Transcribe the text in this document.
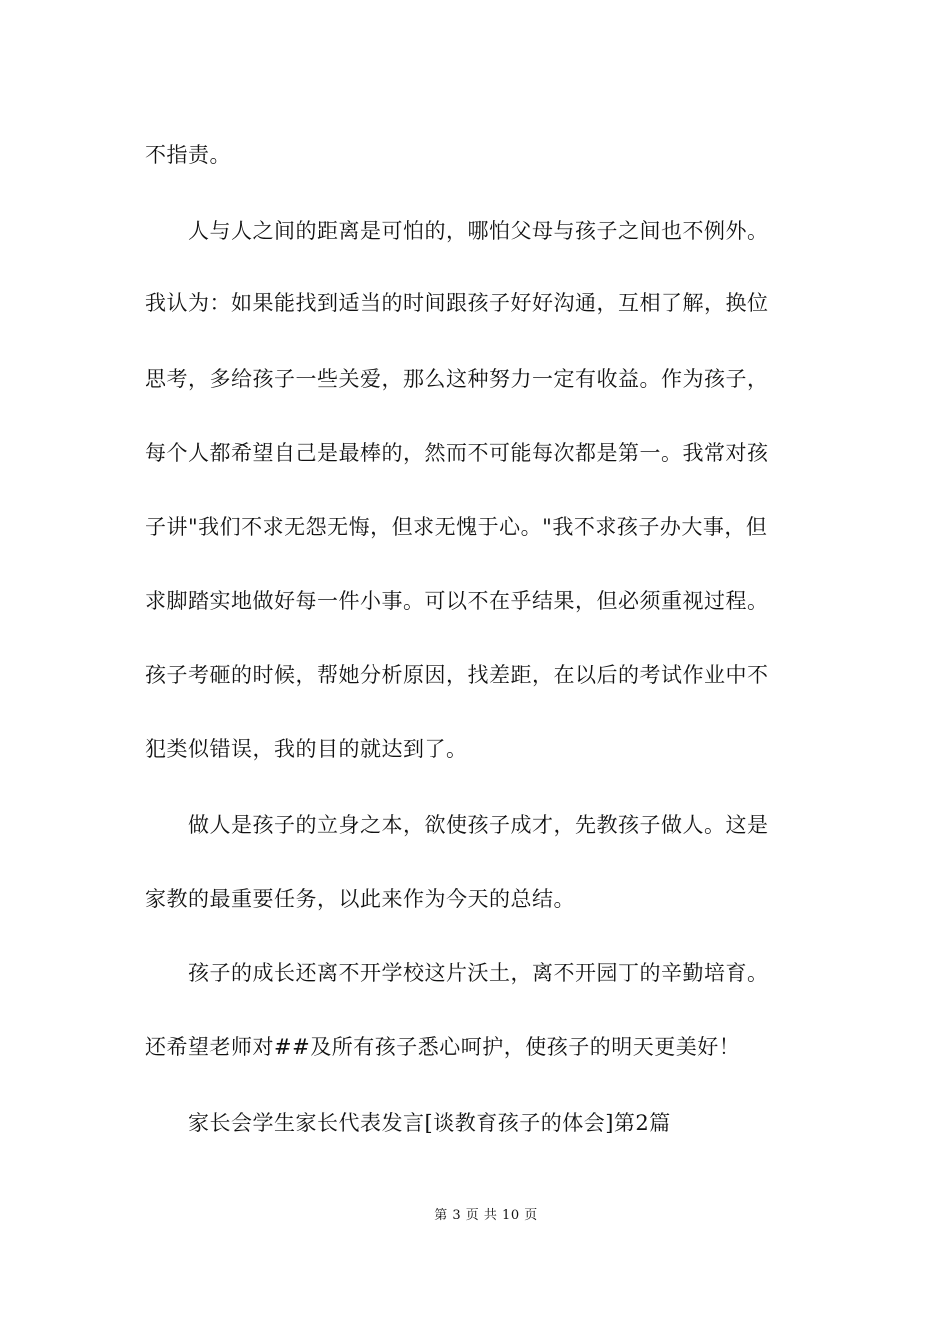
不指责。
人与人之间的距离是可怕的，哪怕父母与孩子之间也不例外。
我认为：如果能找到适当的时间跟孩子好好沟通，互相了解，换位
思考，多给孩子一些关爱，那么这种努力一定有收益。作为孩子，
每个人都希望自己是最棒的，然而不可能每次都是第一。我常对孩
子讲"我们不求无怨无悔，但求无愧于心。"我不求孩子办大事，但
求脚踏实地做好每一件小事。可以不在乎结果，但必须重视过程。
孩子考砸的时候，帮她分析原因，找差距，在以后的考试作业中不
犯类似错误，我的目的就达到了。
做人是孩子的立身之本，欲使孩子成才，先教孩子做人。这是
家教的最重要任务，以此来作为今天的总结。
孩子的成长还离不开学校这片沃土，离不开园丁的辛勤培育。
还希望老师对##及所有孩子悉心呵护，使孩子的明天更美好！
家长会学生家长代表发言[谈教育孩子的体会]第2篇
第 3 页 共 10 页
